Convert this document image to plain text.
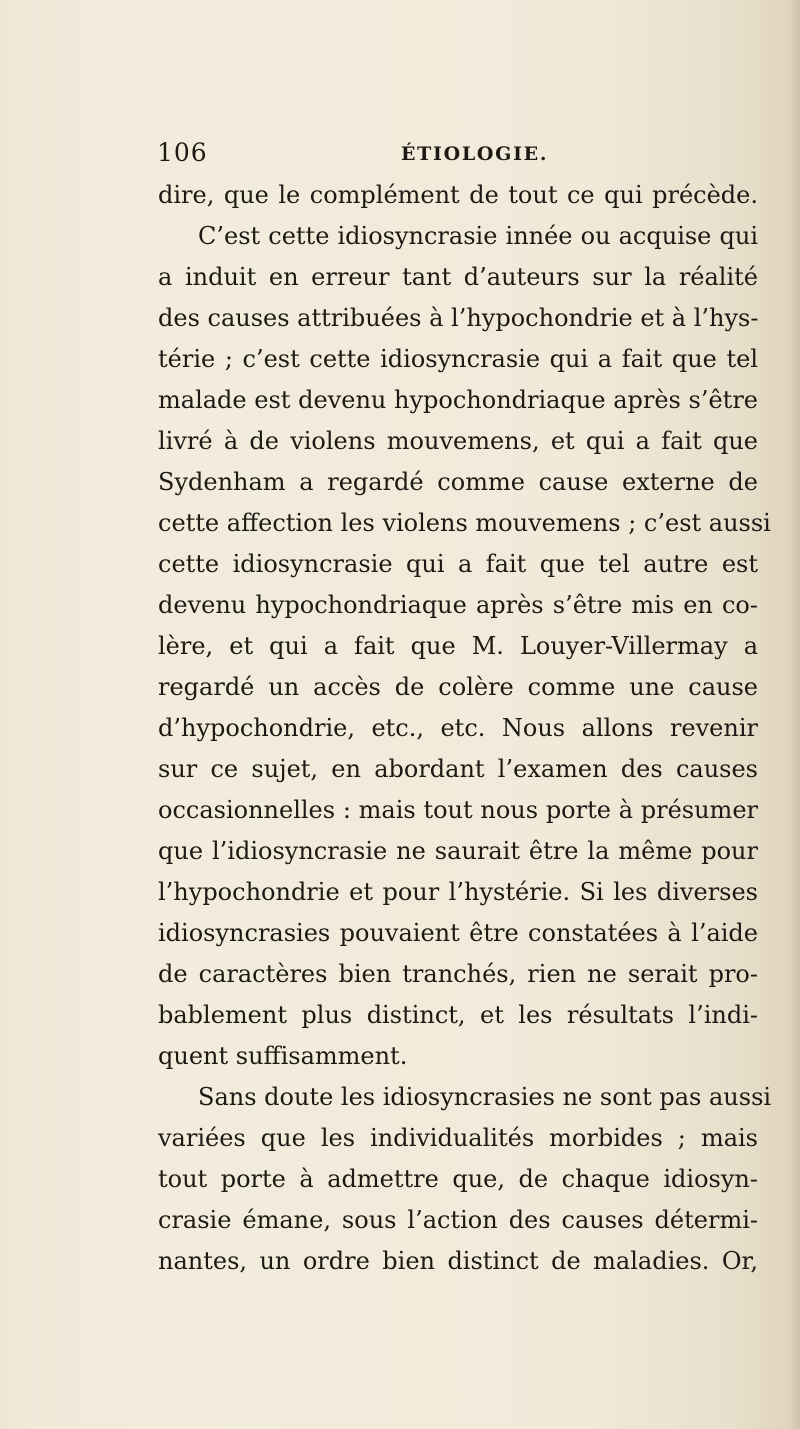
106	ÉTIOLOGIE.
dire, que le complément de tout ce qui précède.
C’est cette idiosyncrasie innée ou acquise qui
a induit en erreur tant d’auteurs sur la réalité
des causes attribuées à l’hypochondrie et à l’hys-
térie ; c’est cette idiosyncrasie qui a fait que tel
malade est devenu hypochondriaque après s’être
livré à de violens mouvemens, et qui a fait que
Sydenham a regardé comme cause externe de
cette affection les violens mouvemens ; c’est aussi
cette idiosyncrasie qui a fait que tel autre est
devenu hypochondriaque après s’être mis en co-
lère, et qui a fait que M. Louyer-Villermay a
regardé un accès de colère comme une cause
d’hypochondrie, etc., etc. Nous allons revenir
sur ce sujet, en abordant l’examen des causes
occasionnelles : mais tout nous porte à présumer
que l’idiosyncrasie ne saurait être la même pour
l’hypochondrie et pour l’hystérie. Si les diverses
idiosyncrasies pouvaient être constatées à l’aide
de caractères bien tranchés, rien ne serait pro-
bablement plus distinct, et les résultats l’indi-
quent suffisamment.
Sans doute les idiosyncrasies ne sont pas aussi
variées que les individualités morbides ; mais
tout porte à admettre que, de chaque idiosyn-
crasie émane, sous l’action des causes détermi-
nantes, un ordre bien distinct de maladies. Or,
